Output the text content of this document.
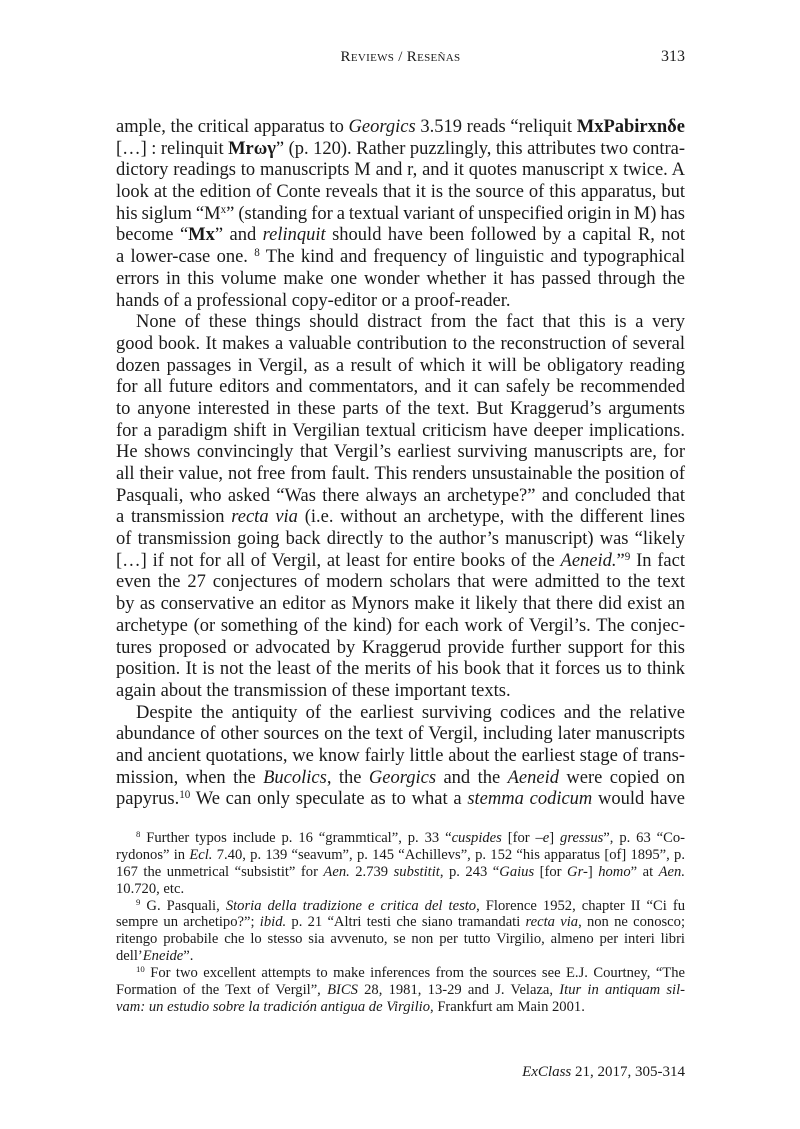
Reviews / Reseñas	313
ample, the critical apparatus to Georgics 3.519 reads “reliquit MxPabirxnδe
[…] : relinquit Mrωγ” (p. 120). Rather puzzlingly, this attributes two contra-
dictory readings to manuscripts M and r, and it quotes manuscript x twice. A
look at the edition of Conte reveals that it is the source of this apparatus, but
his siglum “$M^x$” (standing for a textual variant of unspecified origin in M) has
become “Mx” and relinquit should have been followed by a capital R, not
a lower-case one. $^8$ The kind and frequency of linguistic and typographical
errors in this volume make one wonder whether it has passed through the
hands of a professional copy-editor or a proof-reader.
None of these things should distract from the fact that this is a very
good book. It makes a valuable contribution to the reconstruction of several
dozen passages in Vergil, as a result of which it will be obligatory reading
for all future editors and commentators, and it can safely be recommended
to anyone interested in these parts of the text. But Kraggerud’s arguments
for a paradigm shift in Vergilian textual criticism have deeper implications.
He shows convincingly that Vergil’s earliest surviving manuscripts are, for
all their value, not free from fault. This renders unsustainable the position of
Pasquali, who asked “Was there always an archetype?” and concluded that
a transmission recta via (i.e. without an archetype, with the different lines
of transmission going back directly to the author’s manuscript) was “likely
[…] if not for all of Vergil, at least for entire books of the Aeneid.”$^9$ In fact
even the 27 conjectures of modern scholars that were admitted to the text
by as conservative an editor as Mynors make it likely that there did exist an
archetype (or something of the kind) for each work of Vergil’s. The conjec-
tures proposed or advocated by Kraggerud provide further support for this
position. It is not the least of the merits of his book that it forces us to think
again about the transmission of these important texts.
Despite the antiquity of the earliest surviving codices and the relative
abundance of other sources on the text of Vergil, including later manuscripts
and ancient quotations, we know fairly little about the earliest stage of trans-
mission, when the Bucolics, the Georgics and the Aeneid were copied on
papyrus.$^{10}$ We can only speculate as to what a stemma codicum would have
$^8$ Further typos include p. 16 “grammtical”, p. 33 “cuspides [for –e] gressus”, p. 63 “Co-
rydonos” in Ecl. 7.40, p. 139 “seavum”, p. 145 “Achillevs”, p. 152 “his apparatus [of] 1895”, p.
167 the unmetrical “subsistit” for Aen. 2.739 substitit, p. 243 “Gaius [for Gr-] homo” at Aen.
10.720, etc.
$^9$ G. Pasquali, Storia della tradizione e critica del testo, Florence 1952, chapter II “Ci fu
sempre un archetipo?”; ibid. p. 21 “Altri testi che siano tramandati recta via, non ne conosco;
ritengo probabile che lo stesso sia avvenuto, se non per tutto Virgilio, almeno per interi libri
dell’Eneide”.
$^{10}$ For two excellent attempts to make inferences from the sources see E.J. Courtney, “The
Formation of the Text of Vergil”, BICS 28, 1981, 13-29 and J. Velaza, Itur in antiquam sil-
vam: un estudio sobre la tradición antigua de Virgilio, Frankfurt am Main 2001.
ExClass 21, 2017, 305-314
